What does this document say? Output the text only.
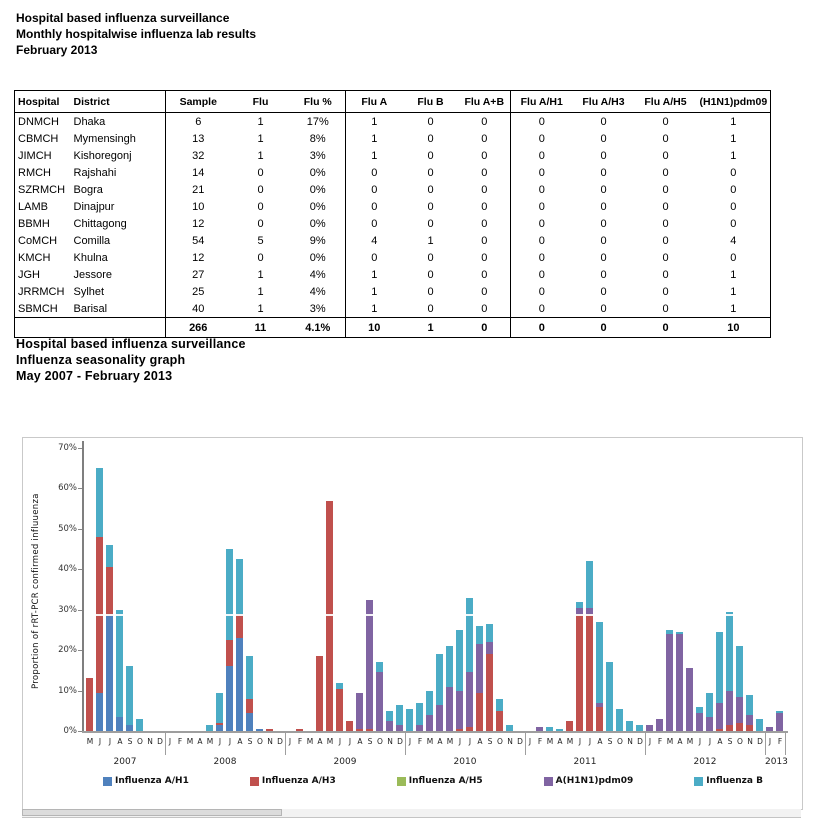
Hospital based influenza surveillance
Monthly hospitalwise influenza lab results
February 2013
Hospital	District	Sample	Flu	Flu %	Flu A	Flu B	Flu A+B	Flu A/H1	Flu A/H3	Flu A/H5	(H1N1)pdm09
DNMCH	Dhaka	6	1	17%	1	0	0	0	0	0	1
CBMCH	Mymensingh	13	1	8%	1	0	0	0	0	0	1
JIMCH	Kishoregonj	32	1	3%	1	0	0	0	0	0	1
RMCH	Rajshahi	14	0	0%	0	0	0	0	0	0	0
SZRMCH	Bogra	21	0	0%	0	0	0	0	0	0	0
LAMB	Dinajpur	10	0	0%	0	0	0	0	0	0	0
BBMH	Chittagong	12	0	0%	0	0	0	0	0	0	0
CoMCH	Comilla	54	5	9%	4	1	0	0	0	0	4
KMCH	Khulna	12	0	0%	0	0	0	0	0	0	0
JGH	Jessore	27	1	4%	1	0	0	0	0	0	1
JRRMCH	Sylhet	25	1	4%	1	0	0	0	0	0	1
SBMCH	Barisal	40	1	3%	1	0	0	0	0	0	1
		266	11	4.1%	10	1	0	0	0	0	10
Hospital based influenza surveillance
Influenza seasonality graph
May 2007 - February 2013
Proportion of rRT-PCR confirmed influuenza
0%
10%
20%
30%
40%
50%
60%
70%
M J	J A S O N D
2007
J F M A M J	J A S O N D
2008
J F M A M J	J A S O N D
2009
J F M A M J	J A S O N D
2010
J F M A M J	J A S O N D
2011
J F M A M J	J A S O N D
2012
J F
2013
Influenza A/H1	Influenza A/H3	Influenza A/H5	A(H1N1)pdm09	Influenza B
